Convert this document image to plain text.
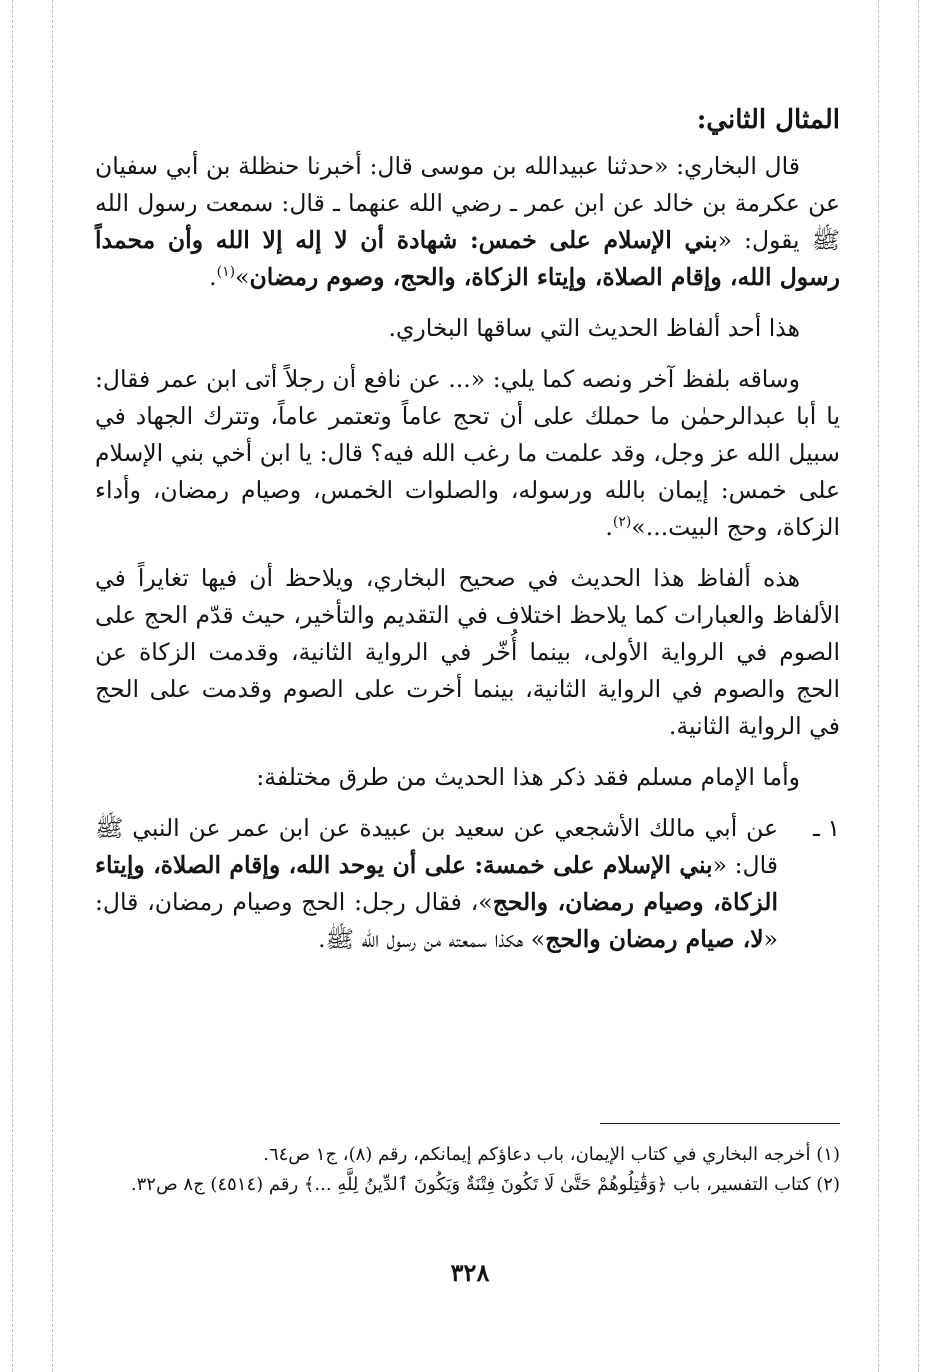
المثال الثاني:

قال البخاري: «حدثنا عبيدالله بن موسى قال: أخبرنا حنظلة بن أبي سفيان عن عكرمة بن خالد عن ابن عمر ـ رضي الله عنهما ـ قال: سمعت رسول الله ﷺ يقول: «بني الإسلام على خمس: شهادة أن لا إله إلا الله وأن محمداً رسول الله، وإقام الصلاة، وإيتاء الزكاة، والحج، وصوم رمضان»$^{(١)}$.

هذا أحد ألفاظ الحديث التي ساقها البخاري.

وساقه بلفظ آخر ونصه كما يلي: «... عن نافع أن رجلاً أتى ابن عمر فقال: يا أبا عبدالرحمٰن ما حملك على أن تحج عاماً وتعتمر عاماً، وتترك الجهاد في سبيل الله عز وجل، وقد علمت ما رغب الله فيه؟ قال: يا ابن أخي بني الإسلام على خمس: إيمان بالله ورسوله، والصلوات الخمس، وصيام رمضان، وأداء الزكاة، وحج البيت...»$^{(٢)}$.

هذه ألفاظ هذا الحديث في صحيح البخاري، ويلاحظ أن فيها تغايراً في الألفاظ والعبارات كما يلاحظ اختلاف في التقديم والتأخير، حيث قدّم الحج على الصوم في الرواية الأولى، بينما أُخّر في الرواية الثانية، وقدمت الزكاة عن الحج والصوم في الرواية الثانية، بينما أخرت على الصوم وقدمت على الحج في الرواية الثانية.

وأما الإمام مسلم فقد ذكر هذا الحديث من طرق مختلفة:

١ ـ
عن أبي مالك الأشجعي عن سعيد بن عبيدة عن ابن عمر عن النبي ﷺ قال: «بني الإسلام على خمسة: على أن يوحد الله، وإقام الصلاة، وإيتاء الزكاة، وصيام رمضان، والحج»، فقال رجل: الحج وصيام رمضان، قال: «لا، صيام رمضان والحج» هكذا سمعته من رسول الله ﷺ.

(١) أخرجه البخاري في كتاب الإيمان، باب دعاؤكم إيمانكم، رقم (٨)، ج١ ص٦٤.

(٢) كتاب التفسير، باب ﴿وَقَٰتِلُوهُمْ حَتَّىٰ لَا تَكُونَ فِتْنَةٌ وَيَكُونَ ٱلدِّينُ لِلَّهِ ...﴾ رقم (٤٥١٤) ج٨ ص٣٢.

٣٢٨
